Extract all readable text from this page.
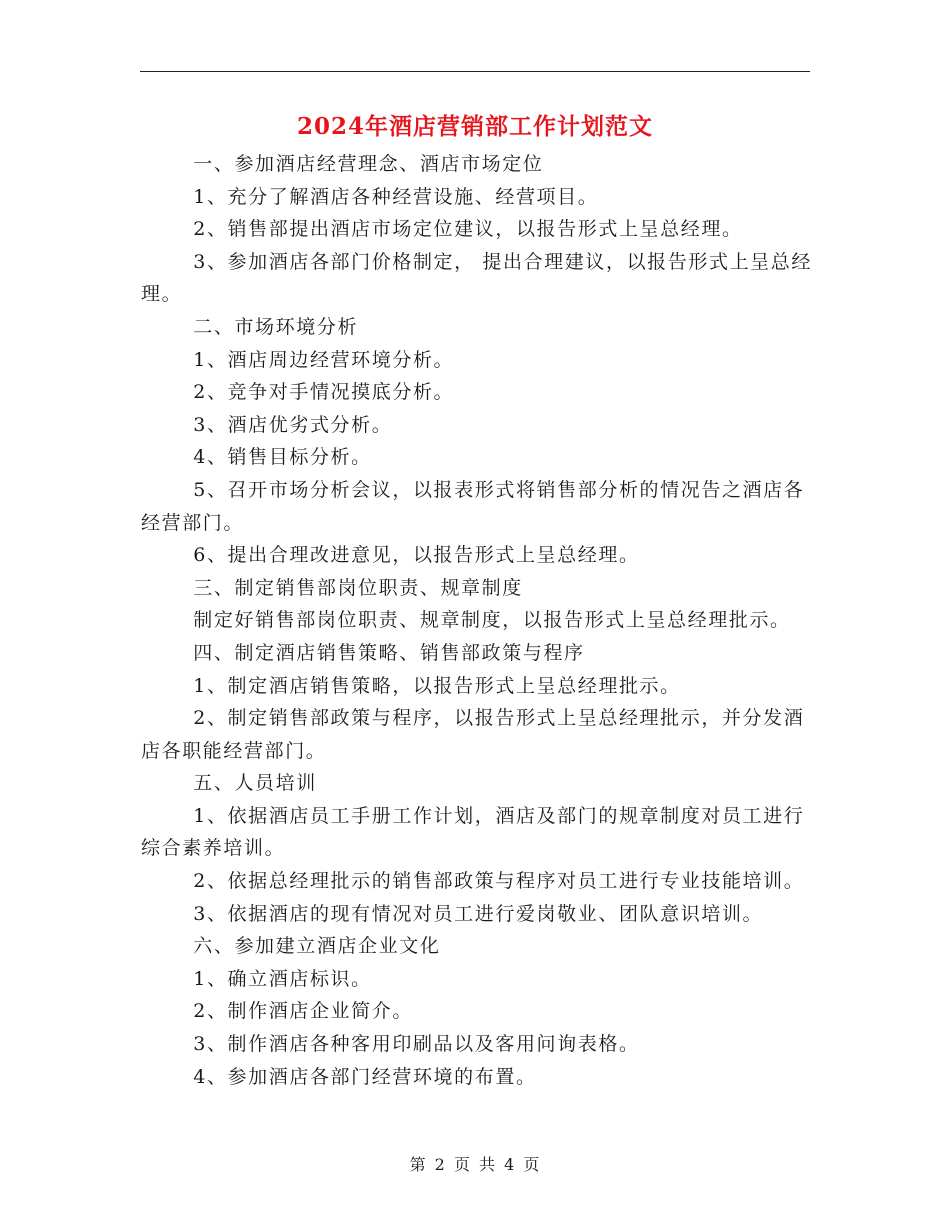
2024年酒店营销部工作计划范文

一、参加酒店经营理念、酒店市场定位

1、充分了解酒店各种经营设施、经营项目。

2、销售部提出酒店市场定位建议，以报告形式上呈总经理。

3、参加酒店各部门价格制定， 提出合理建议，以报告形式上呈总经理。

二、市场环境分析

1、酒店周边经营环境分析。

2、竞争对手情况摸底分析。

3、酒店优劣式分析。

4、销售目标分析。

5、召开市场分析会议，以报表形式将销售部分析的情况告之酒店各经营部门。

6、提出合理改进意见，以报告形式上呈总经理。

三、制定销售部岗位职责、规章制度

制定好销售部岗位职责、规章制度，以报告形式上呈总经理批示。

四、制定酒店销售策略、销售部政策与程序

1、制定酒店销售策略，以报告形式上呈总经理批示。

2、制定销售部政策与程序，以报告形式上呈总经理批示，并分发酒店各职能经营部门。

五、人员培训

1、依据酒店员工手册工作计划，酒店及部门的规章制度对员工进行综合素养培训。

2、依据总经理批示的销售部政策与程序对员工进行专业技能培训。

3、依据酒店的现有情况对员工进行爱岗敬业、团队意识培训。

六、参加建立酒店企业文化

1、确立酒店标识。

2、制作酒店企业简介。

3、制作酒店各种客用印刷品以及客用问询表格。

4、参加酒店各部门经营环境的布置。

第 2 页 共 4 页
